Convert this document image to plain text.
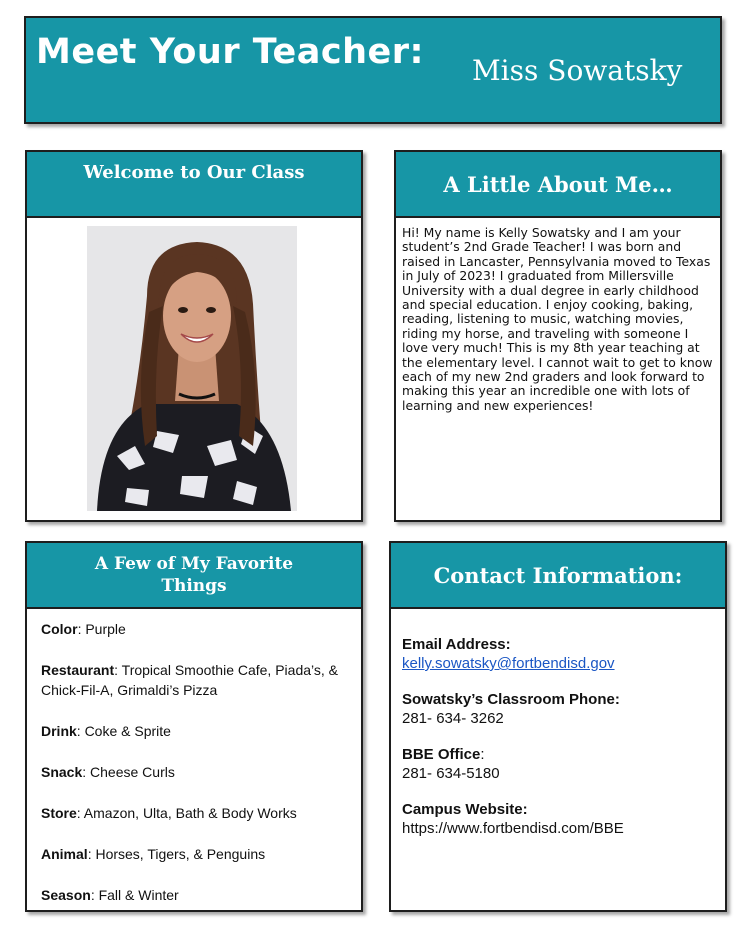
Meet Your Teacher: Miss Sowatsky
Welcome to Our Class	A Little About Me…
Hi! My name is Kelly Sowatsky and I am your student’s 2nd Grade Teacher! I was born and raised in Lancaster, Pennsylvania moved to Texas in July of 2023! I graduated from Millersville University with a dual degree in early childhood and special education. I enjoy cooking, baking, reading, listening to music, watching movies, riding my horse, and traveling with someone I love very much! This is my 8th year teaching at the elementary level. I cannot wait to get to know each of my new 2nd graders and look forward to making this year an incredible one with lots of learning and new experiences!
A Few of My Favorite
Things
Color: Purple
Restaurant: Tropical Smoothie Cafe, Piada’s, & Chick-Fil-A, Grimaldi’s Pizza
Drink: Coke & Sprite
Snack: Cheese Curls
Store: Amazon, Ulta, Bath & Body Works
Animal: Horses, Tigers, & Penguins
Season: Fall & Winter
Contact Information:
Email Address:
kelly.sowatsky@fortbendisd.gov
Sowatsky’s Classroom Phone:
281- 634- 3262
BBE Office:
281- 634-5180
Campus Website:
https://www.fortbendisd.com/BBE
